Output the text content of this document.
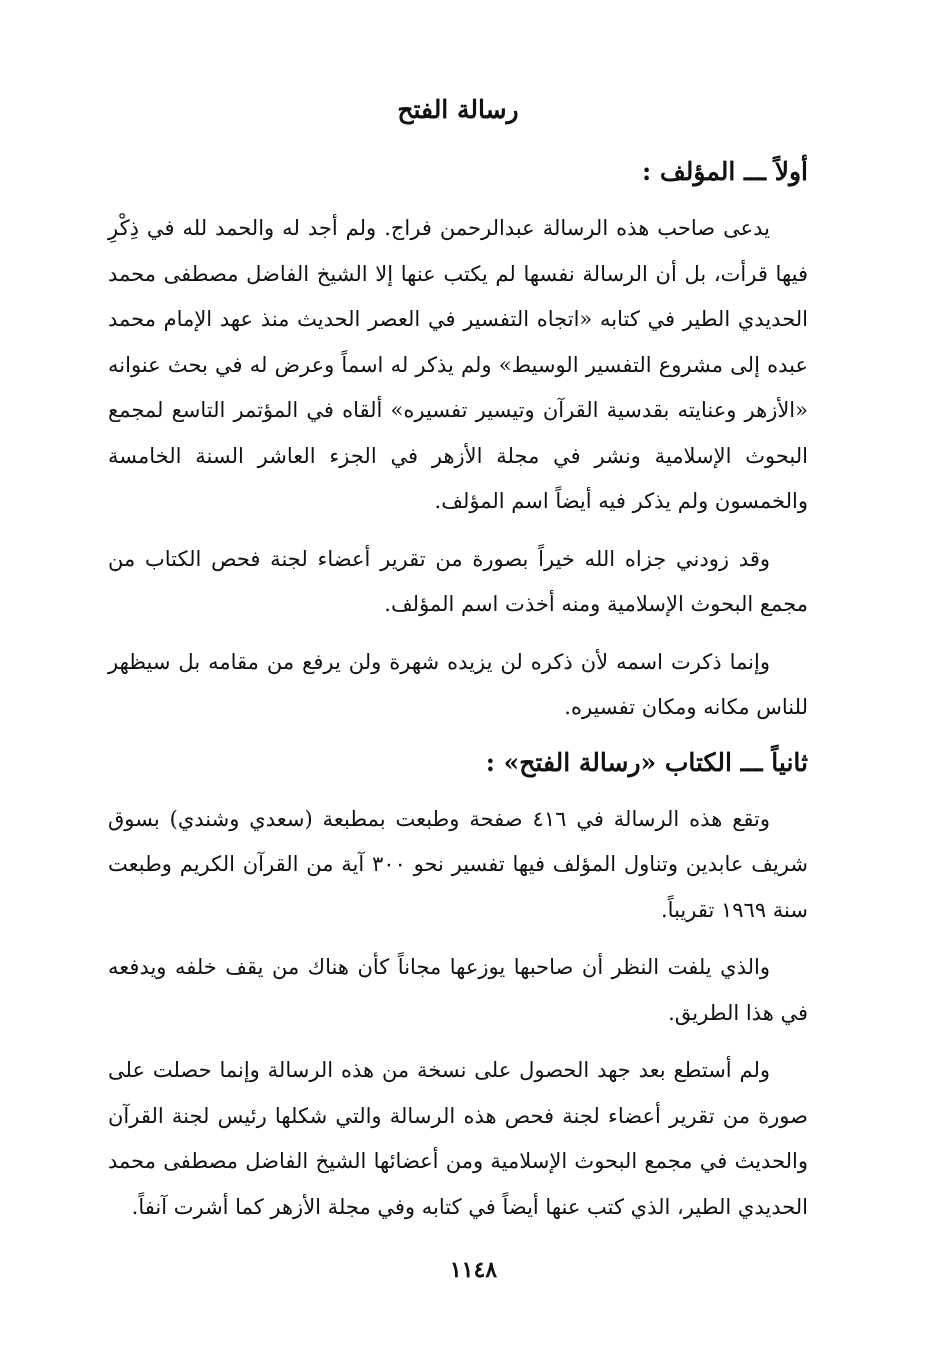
رسالة الفتح
أولاً ـــ المؤلف :

يدعى صاحب هذه الرسالة عبدالرحمن فراج. ولم أجد له والحمد لله في ذِكْرِ فيها قرأت، بل أن الرسالة نفسها لم يكتب عنها إلا الشيخ الفاضل مصطفى محمد الحديدي الطير في كتابه «اتجاه التفسير في العصر الحديث منذ عهد الإمام محمد عبده إلى مشروع التفسير الوسيط» ولم يذكر له اسماً وعرض له في بحث عنوانه «الأزهر وعنايته بقدسية القرآن وتيسير تفسيره» ألقاه في المؤتمر التاسع لمجمع البحوث الإسلامية ونشر في مجلة الأزهر في الجزء العاشر السنة الخامسة والخمسون ولم يذكر فيه أيضاً اسم المؤلف.

وقد زودني جزاه الله خيراً بصورة من تقرير أعضاء لجنة فحص الكتاب من مجمع البحوث الإسلامية ومنه أخذت اسم المؤلف.

وإنما ذكرت اسمه لأن ذكره لن يزيده شهرة ولن يرفع من مقامه بل سيظهر للناس مكانه ومكان تفسيره.

ثانياً ـــ الكتاب «رسالة الفتح» :

وتقع هذه الرسالة في ٤١٦ صفحة وطبعت بمطبعة (سعدي وشندي) بسوق شريف عابدين وتناول المؤلف فيها تفسير نحو ٣٠٠ آية من القرآن الكريم وطبعت سنة ١٩٦٩ تقريباً.

والذي يلفت النظر أن صاحبها يوزعها مجاناً كأن هناك من يقف خلفه ويدفعه في هذا الطريق.

ولم أستطع بعد جهد الحصول على نسخة من هذه الرسالة وإنما حصلت على صورة من تقرير أعضاء لجنة فحص هذه الرسالة والتي شكلها رئيس لجنة القرآن والحديث في مجمع البحوث الإسلامية ومن أعضائها الشيخ الفاضل مصطفى محمد الحديدي الطير، الذي كتب عنها أيضاً في كتابه وفي مجلة الأزهر كما أشرت آنفاً.

١١٤٨
